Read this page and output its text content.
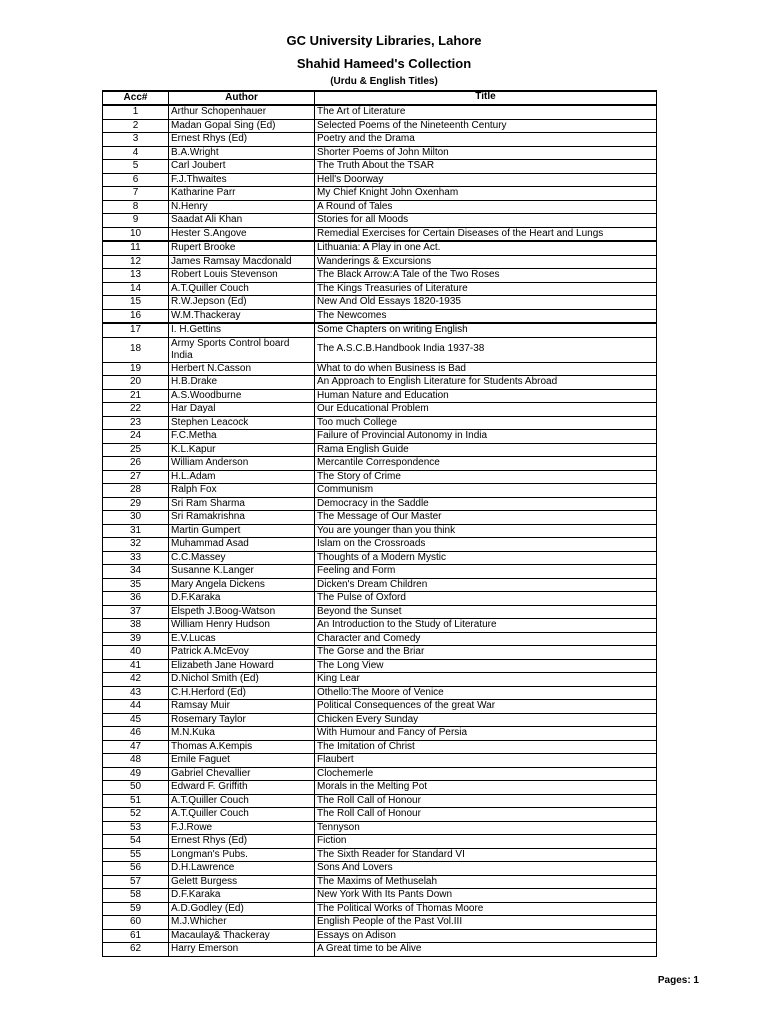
GC University Libraries, Lahore
Shahid Hameed's Collection
(Urdu & English Titles)
Acc#	Author	Title
1	Arthur Schopenhauer	The Art of Literature
2	Madan Gopal Sing (Ed)	Selected Poems of the Nineteenth Century
3	Ernest Rhys (Ed)	Poetry and the Drama
4	B.A.Wright	Shorter Poems of John Milton
5	Carl Joubert	The Truth About the TSAR
6	F.J.Thwaites	Hell's Doorway
7	Katharine Parr	My Chief Knight John Oxenham
8	N.Henry	A Round of Tales
9	Saadat Ali Khan	Stories for all Moods
10	Hester S.Angove	Remedial Exercises for Certain Diseases of the Heart and Lungs
11	Rupert Brooke	Lithuania: A Play in one Act.
12	James Ramsay Macdonald	Wanderings & Excursions
13	Robert Louis Stevenson	The Black Arrow:A Tale of the Two Roses
14	A.T.Quiller Couch	The Kings Treasuries of Literature
15	R.W.Jepson (Ed)	New And Old Essays 1820-1935
16	W.M.Thackeray	The Newcomes
17	I. H.Gettins	Some Chapters on writing English
18	Army Sports Control board India	The A.S.C.B.Handbook India 1937-38
19	Herbert N.Casson	What to do when Business is Bad
20	H.B.Drake	An Approach to English Literature for Students Abroad
21	A.S.Woodburne	Human Nature and Education
22	Har Dayal	Our Educational Problem
23	Stephen Leacock	Too much College
24	F.C.Metha	Failure of Provincial Autonomy in India
25	K.L.Kapur	Rama English Guide
26	William Anderson	Mercantile Correspondence
27	H.L.Adam	The Story of Crime
28	Ralph Fox	Communism
29	Sri Ram Sharma	Democracy in the Saddle
30	Sri Ramakrishna	The Message of Our Master
31	Martin Gumpert	You are younger than you think
32	Muhammad Asad	Islam on the Crossroads
33	C.C.Massey	Thoughts of a Modern Mystic
34	Susanne K.Langer	Feeling and Form
35	Mary Angela Dickens	Dicken's Dream Children
36	D.F.Karaka	The Pulse of Oxford
37	Elspeth J.Boog-Watson	Beyond the Sunset
38	William Henry Hudson	An Introduction to the Study of Literature
39	E.V.Lucas	Character and Comedy
40	Patrick A.McEvoy	The Gorse and the Briar
41	Elizabeth Jane Howard	The Long View
42	D.Nichol Smith (Ed)	King Lear
43	C.H.Herford (Ed)	Othello:The Moore of Venice
44	Ramsay Muir	Political Consequences of the great War
45	Rosemary Taylor	Chicken Every Sunday
46	M.N.Kuka	With Humour and Fancy of Persia
47	Thomas A.Kempis	The Imitation of Christ
48	Emile Faguet	Flaubert
49	Gabriel Chevallier	Clochemerle
50	Edward F. Griffith	Morals in the Melting Pot
51	A.T.Quiller Couch	The Roll Call of Honour
52	A.T.Quiller Couch	The Roll Call of Honour
53	F.J.Rowe	Tennyson
54	Ernest Rhys (Ed)	Fiction
55	Longman's Pubs.	The Sixth Reader for Standard VI
56	D.H.Lawrence	Sons And Lovers
57	Gelett Burgess	The Maxims of Methuselah
58	D.F.Karaka	New York With Its Pants Down
59	A.D.Godley (Ed)	The Political Works of Thomas Moore
60	M.J.Whicher	English People of the Past Vol.III
61	Macaulay& Thackeray	Essays on Adison
62	Harry Emerson	A Great time to be Alive
Pages: 1
